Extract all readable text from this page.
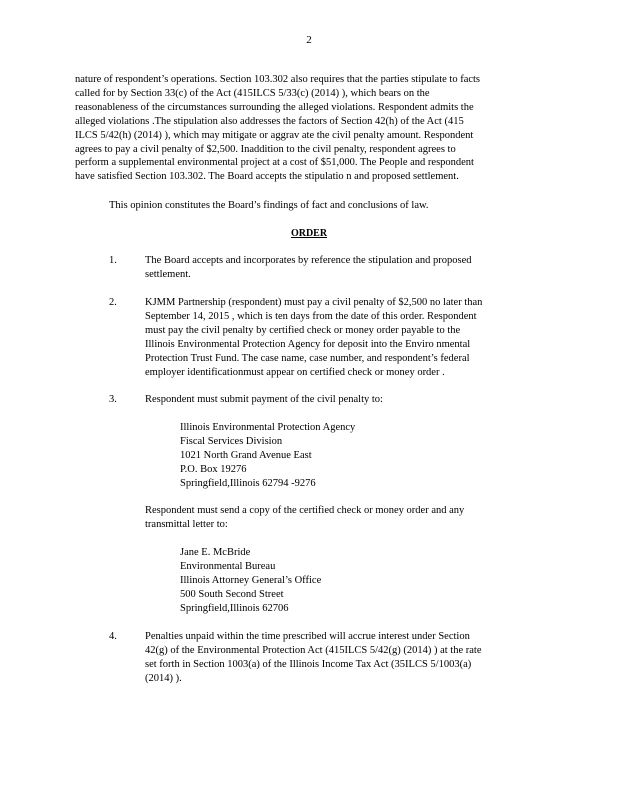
2
nature of respondent’s operations. Section 103.302 also requires that the parties stipulate to facts
called for by Section 33(c) of the Act (415ILCS 5/33(c) (2014) ), which bears on the
reasonableness of the circumstances surrounding the alleged violations. Respondent admits the
alleged violations .The stipulation also addresses the factors of Section 42(h) of the Act (415
ILCS 5/42(h) (2014) ), which may mitigate or aggrav ate the civil penalty amount. Respondent
agrees to pay a civil penalty of $2,500. Inaddition to the civil penalty, respondent agrees to
perform a supplemental environmental project at a cost of $51,000. The People and respondent
have satisfied Section 103.302. The Board accepts the stipulatio n and proposed settlement.

This opinion constitutes the Board’s findings of fact and conclusions of law.

ORDER
1.	The Board accepts and incorporates by reference the stipulation and proposed
settlement.
2.	KJMM Partnership (respondent) must pay a civil penalty of $2,500 no later than
September 14, 2015 , which is ten days from the date of this order. Respondent
must pay the civil penalty by certified check or money order payable to the
Illinois Environmental Protection Agency for deposit into the Enviro nmental
Protection Trust Fund. The case name, case number, and respondent’s federal
employer identificationmust appear on certified check or money order .
3.	Respondent must submit payment of the civil penalty to:
Illinois Environmental Protection Agency
Fiscal Services Division
1021 North Grand Avenue East
P.O. Box 19276
Springfield,Illinois 62794 -9276
Respondent must send a copy of the certified check or money order and any
transmittal letter to:
Jane E. McBride
Environmental Bureau
Illinois Attorney General’s Office
500 South Second Street
Springfield,Illinois 62706
4.	Penalties unpaid within the time prescribed will accrue interest under Section
42(g) of the Environmental Protection Act (415ILCS 5/42(g) (2014) ) at the rate
set forth in Section 1003(a) of the Illinois Income Tax Act (35ILCS 5/1003(a)
(2014) ).
